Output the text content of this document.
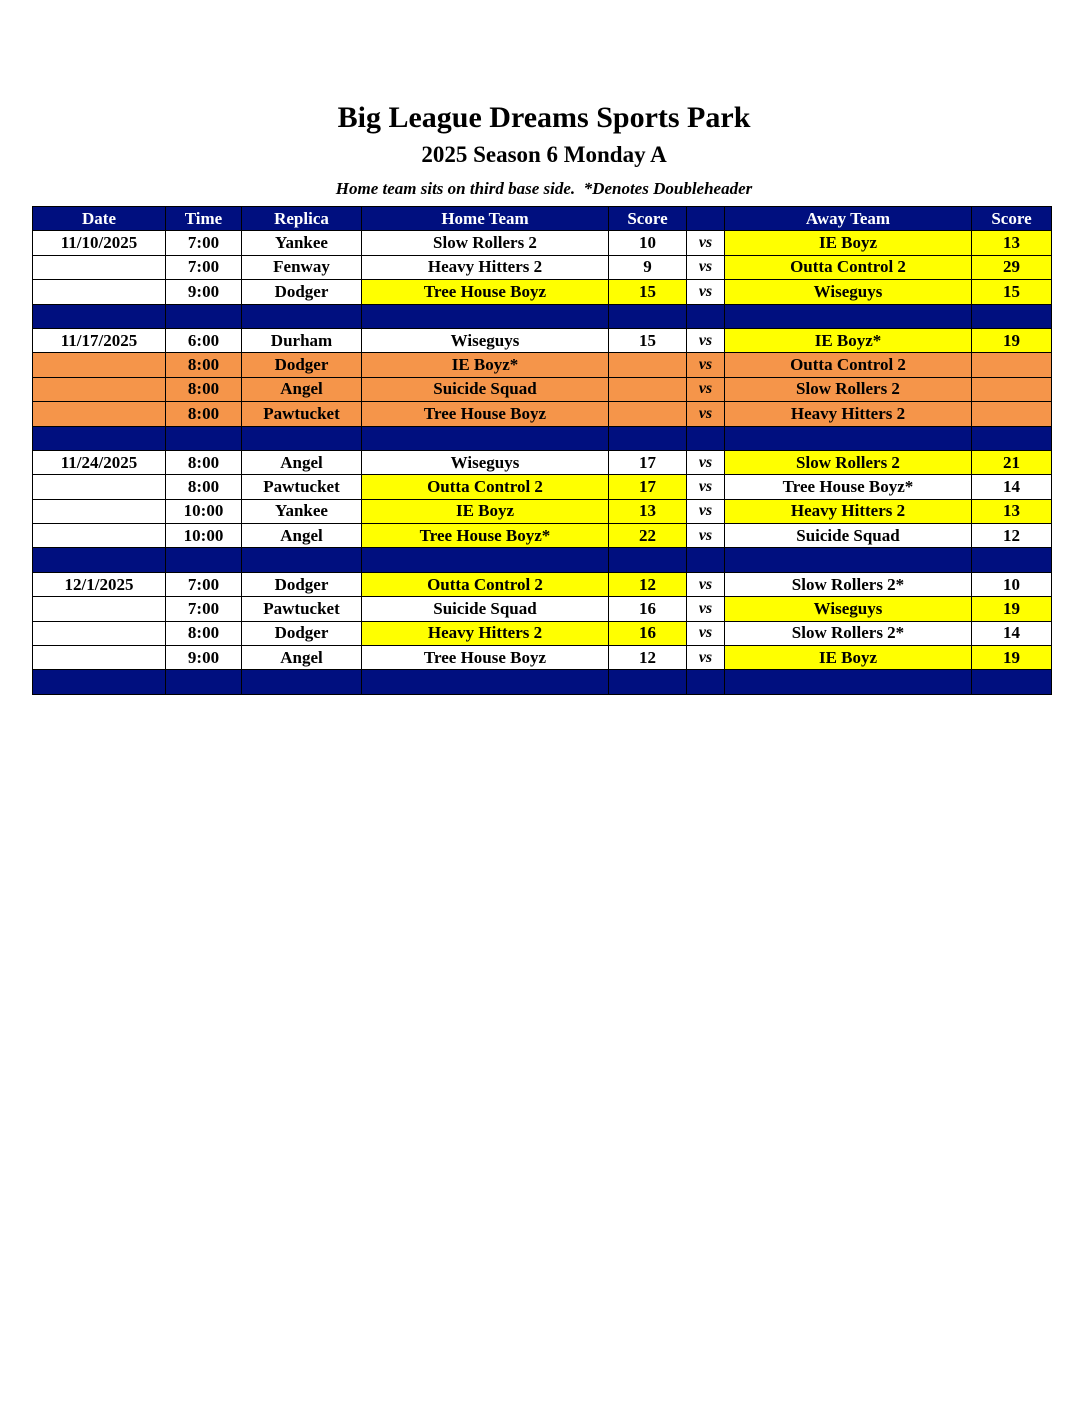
Big League Dreams Sports Park
2025 Season 6 Monday A
Home team sits on third base side.  *Denotes Doubleheader
Date	Time	Replica	Home Team	Score		Away Team	Score
11/10/2025	7:00	Yankee	Slow Rollers 2	10	vs	IE Boyz	13
	7:00	Fenway	Heavy Hitters 2	9	vs	Outta Control 2	29
	9:00	Dodger	Tree House Boyz	15	vs	Wiseguys	15

11/17/2025	6:00	Durham	Wiseguys	15	vs	IE Boyz*	19
	8:00	Dodger	IE Boyz*		vs	Outta Control 2	
	8:00	Angel	Suicide Squad		vs	Slow Rollers 2	
	8:00	Pawtucket	Tree House Boyz		vs	Heavy Hitters 2	

11/24/2025	8:00	Angel	Wiseguys	17	vs	Slow Rollers 2	21
	8:00	Pawtucket	Outta Control 2	17	vs	Tree House Boyz*	14
	10:00	Yankee	IE Boyz	13	vs	Heavy Hitters 2	13
	10:00	Angel	Tree House Boyz*	22	vs	Suicide Squad	12

12/1/2025	7:00	Dodger	Outta Control 2	12	vs	Slow Rollers 2*	10
	7:00	Pawtucket	Suicide Squad	16	vs	Wiseguys	19
	8:00	Dodger	Heavy Hitters 2	16	vs	Slow Rollers 2*	14
	9:00	Angel	Tree House Boyz	12	vs	IE Boyz	19
